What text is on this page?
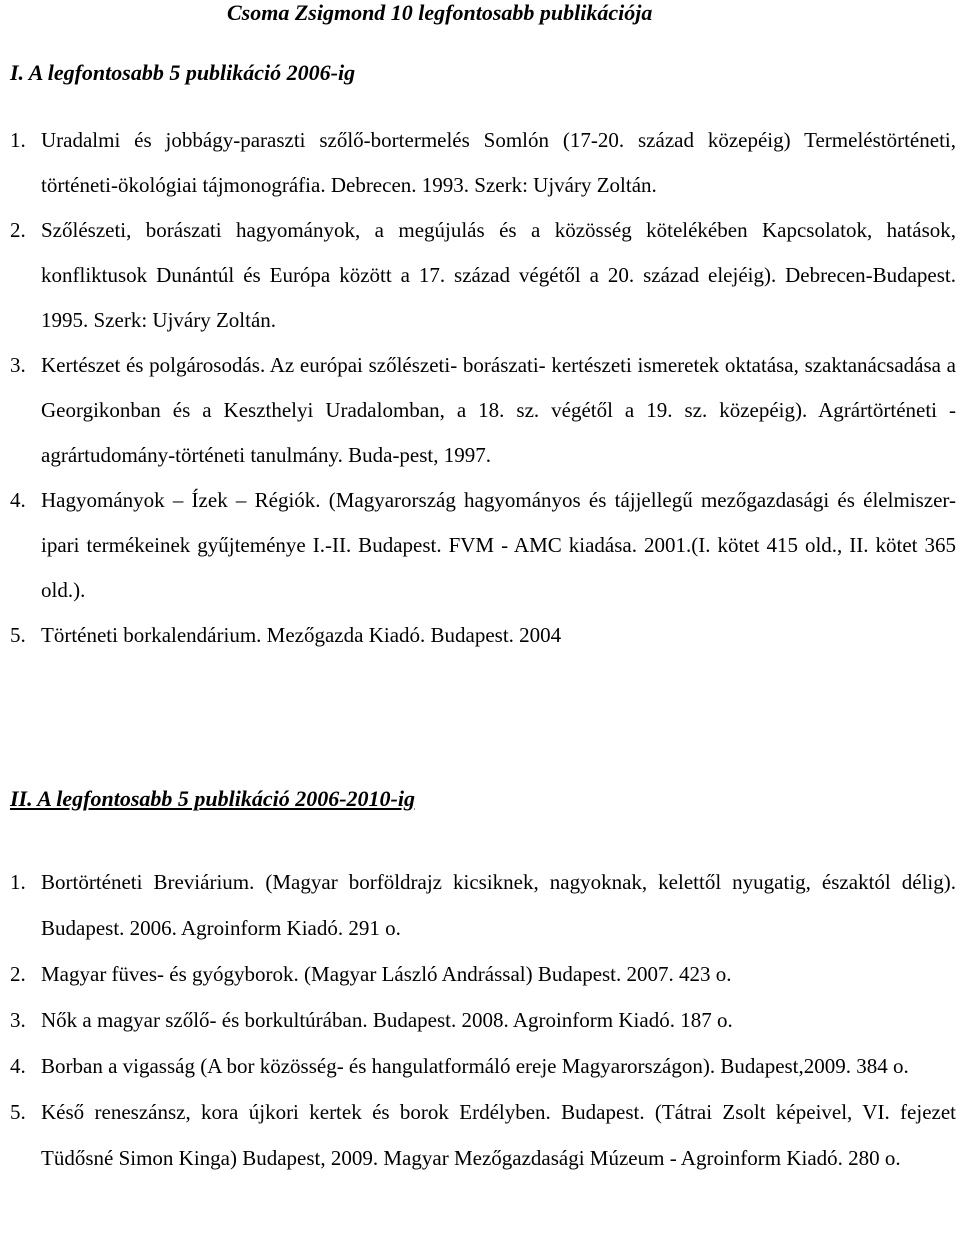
Csoma Zsigmond 10 legfontosabb publikációja
I. A legfontosabb 5 publikáció 2006-ig
1. Uradalmi és jobbágy-paraszti szőlő-bortermelés Somlón (17-20. század közepéig) Termeléstörténeti, történeti-ökológiai tájmonográfia. Debrecen. 1993. Szerk: Ujváry Zoltán.
2. Szőlészeti, borászati hagyományok, a megújulás és a közösség kötelékében Kapcsolatok, hatások, konfliktusok Dunántúl és Európa között a 17. század végétől a 20. század elejéig). Debrecen-Budapest. 1995. Szerk: Ujváry Zoltán.
3. Kertészet és polgárosodás. Az európai szőlészeti- borászati- kertészeti ismeretek oktatása, szaktanácsadása a Georgikonban és a Keszthelyi Uradalomban, a 18. sz. végétől a 19. sz. közepéig). Agrártörténeti - agrártudomány-történeti tanulmány. Buda-pest, 1997.
4. Hagyományok – Ízek – Régiók. (Magyarország hagyományos és tájjellegű mezőgazdasági és élelmiszer-ipari termékeinek gyűjteménye I.-II. Budapest. FVM - AMC kiadása. 2001.(I. kötet 415 old., II. kötet 365 old.).
5. Történeti borkalendárium. Mezőgazda Kiadó. Budapest. 2004
II. A legfontosabb 5 publikáció 2006-2010-ig
1. Bortörténeti Breviárium. (Magyar borföldrajz kicsiknek, nagyoknak, kelettől nyugatig, északtól délig). Budapest. 2006. Agroinform Kiadó. 291 o.
2. Magyar füves- és gyógyborok. (Magyar László Andrással) Budapest. 2007. 423 o.
3. Nők a magyar szőlő- és borkultúrában. Budapest. 2008. Agroinform Kiadó. 187 o.
4. Borban a vigasság (A bor közösség- és hangulatformáló ereje Magyarországon). Budapest,2009. 384 o.
5. Késő reneszánsz, kora újkori kertek és borok Erdélyben. Budapest. (Tátrai Zsolt képeivel, VI. fejezet Tüdősné Simon Kinga) Budapest, 2009. Magyar Mezőgazdasági Múzeum - Agroinform Kiadó. 280 o.
